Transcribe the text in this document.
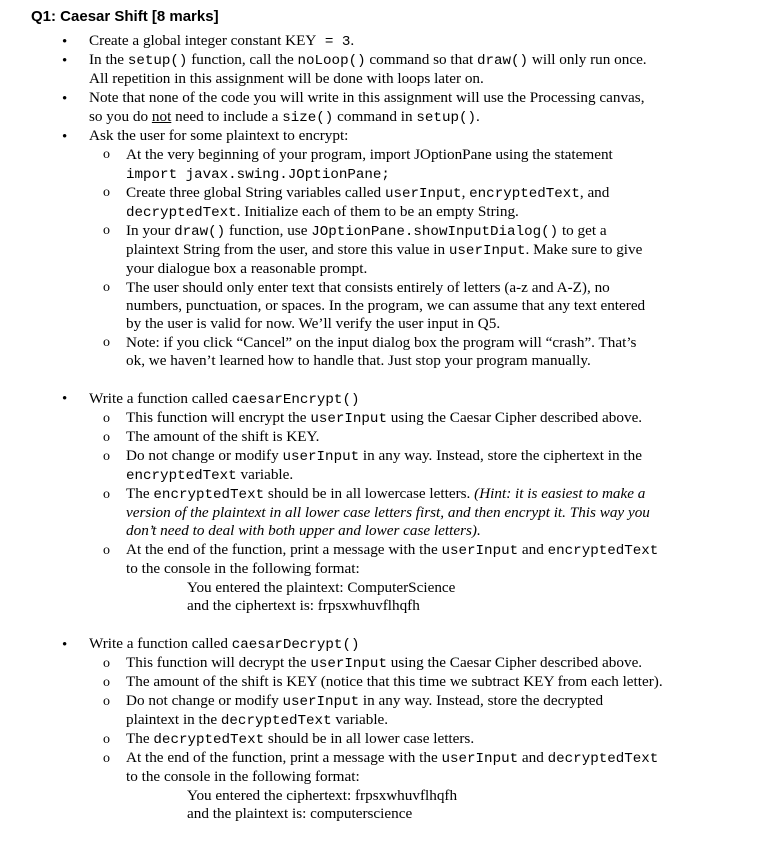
Q1: Caesar Shift [8 marks]
• Create a global integer constant KEY = 3.
• In the setup() function, call the noLoop() command so that draw() will only run once.
All repetition in this assignment will be done with loops later on.
• Note that none of the code you will write in this assignment will use the Processing canvas,
so you do not need to include a size() command in setup().
• Ask the user for some plaintext to encrypt:
o At the very beginning of your program, import JOptionPane using the statement
import javax.swing.JOptionPane;
o Create three global String variables called userInput, encryptedText, and
decryptedText. Initialize each of them to be an empty String.
o In your draw() function, use JOptionPane.showInputDialog() to get a
plaintext String from the user, and store this value in userInput. Make sure to give
your dialogue box a reasonable prompt.
o The user should only enter text that consists entirely of letters (a-z and A-Z), no
numbers, punctuation, or spaces. In the program, we can assume that any text entered
by the user is valid for now. We’ll verify the user input in Q5.
o Note: if you click “Cancel” on the input dialog box the program will “crash”. That’s
ok, we haven’t learned how to handle that. Just stop your program manually.
• Write a function called caesarEncrypt()
o This function will encrypt the userInput using the Caesar Cipher described above.
o The amount of the shift is KEY.
o Do not change or modify userInput in any way. Instead, store the ciphertext in the
encryptedText variable.
o The encryptedText should be in all lowercase letters. (Hint: it is easiest to make a
version of the plaintext in all lower case letters first, and then encrypt it. This way you
don’t need to deal with both upper and lower case letters).
o At the end of the function, print a message with the userInput and encryptedText
to the console in the following format:
You entered the plaintext: ComputerScience
and the ciphertext is: frpsxwhuvflhqfh
• Write a function called caesarDecrypt()
o This function will decrypt the userInput using the Caesar Cipher described above.
o The amount of the shift is KEY (notice that this time we subtract KEY from each letter).
o Do not change or modify userInput in any way. Instead, store the decrypted
plaintext in the decryptedText variable.
o The decryptedText should be in all lower case letters.
o At the end of the function, print a message with the userInput and decryptedText
to the console in the following format:
You entered the ciphertext: frpsxwhuvflhqfh
and the plaintext is: computerscience
